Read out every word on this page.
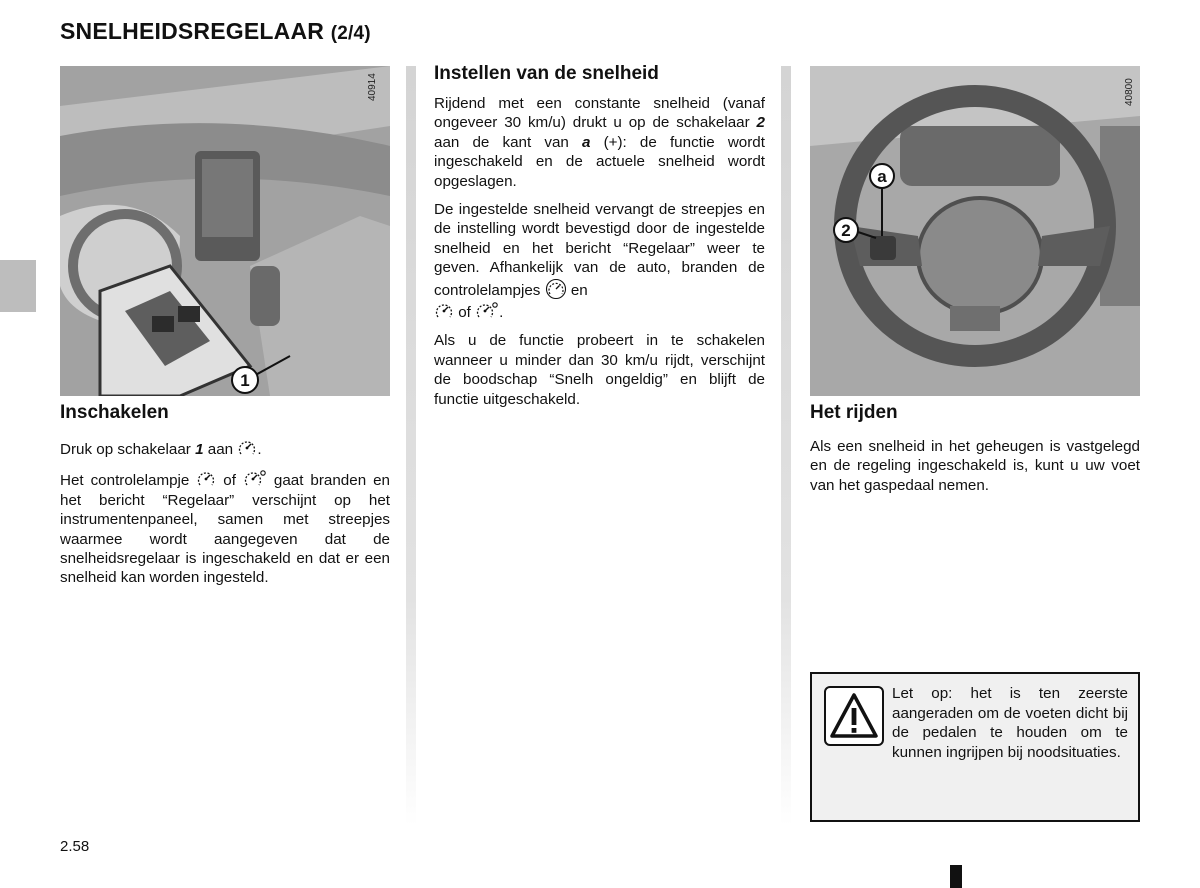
SNELHEIDSREGELAAR (2/4)
1
40914
a
2
40800
Inschakelen

Druk op schakelaar 1 aan .

Het controlelampje  of  gaat branden en het bericht “Regelaar” verschijnt op het instrumentenpaneel, samen met streepjes waarmee wordt aangegeven dat de snelheidsregelaar is ingeschakeld en dat er een snelheid kan worden ingesteld.

Instellen van de snelheid

Rijdend met een constante snelheid (vanaf ongeveer 30 km/u) drukt u op de schakelaar 2 aan de kant van a (+): de functie wordt ingeschakeld en de actuele snelheid wordt opgeslagen.

De ingestelde snelheid vervangt de streepjes en de instelling wordt bevestigd door de ingestelde snelheid en het bericht “Regelaar” weer te geven. Afhankelijk van de auto, branden de controlelampjes  en
of .

Als u de functie probeert in te schakelen wanneer u minder dan 30 km/u rijdt, verschijnt de boodschap “Snelh ongeldig” en blijft de functie uitgeschakeld.

Het rijden

Als een snelheid in het geheugen is vastgelegd en de regeling ingeschakeld is, kunt u uw voet van het gaspedaal nemen.

Let op: het is ten zeerste aangeraden om de voeten dicht bij de pedalen te houden om te kunnen ingrijpen bij noodsituaties.
2.58
